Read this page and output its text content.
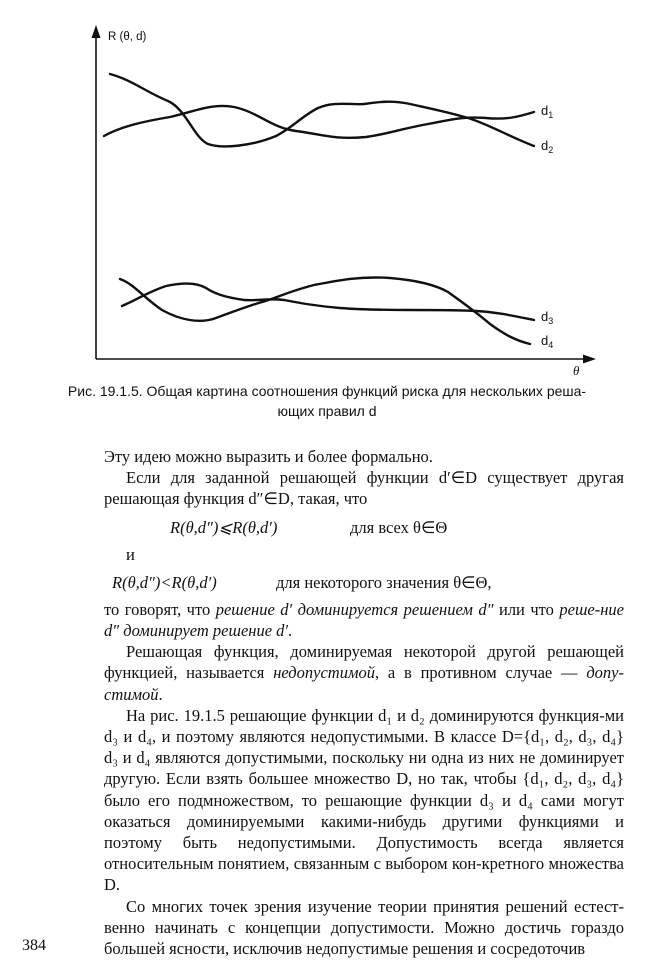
R (θ, d)
θ
$d_1$
$d_2$
$d_3$
$d_4$
Рис. 19.1.5. Общая картина соотношения функций риска для нескольких реша-
ющих правил d

Эту идею можно выразить и более формально.

Если для заданной решающей функции d′∈D существует другая решающая функция d″∈D, такая, что

R(θ,d″)⩽R(θ,d′)	для всех θ∈Θ

и

R(θ,d″)<R(θ,d′)	для некоторого значения θ∈Θ,

то говорят, что решение d′ доминируется решением d″ или что реше-ние d″ доминирует решение d′.

Решающая функция, доминируемая некоторой другой решающей функцией, называется недопустимой, а в противном случае — допу-стимой.

На рис. 19.1.5 решающие функции d₁ и d₂ доминируются функция-ми d₃ и d₄, и поэтому являются недопустимыми. В классе D={d₁, d₂, d₃, d₄} d₃ и d₄ являются допустимыми, поскольку ни одна из них не доминирует другую. Если взять большее множество D, но так, чтобы {d₁, d₂, d₃, d₄} было его подмножеством, то решающие функции d₃ и d₄ сами могут оказаться доминируемыми какими-нибудь другими функциями и поэтому быть недопустимыми. Допустимость всегда является относительным понятием, связанным с выбором кон-кретного множества D.

Со многих точек зрения изучение теории принятия решений естест-венно начинать с концепции допустимости. Можно достичь гораздо большей ясности, исключив недопустимые решения и сосредоточив

384
